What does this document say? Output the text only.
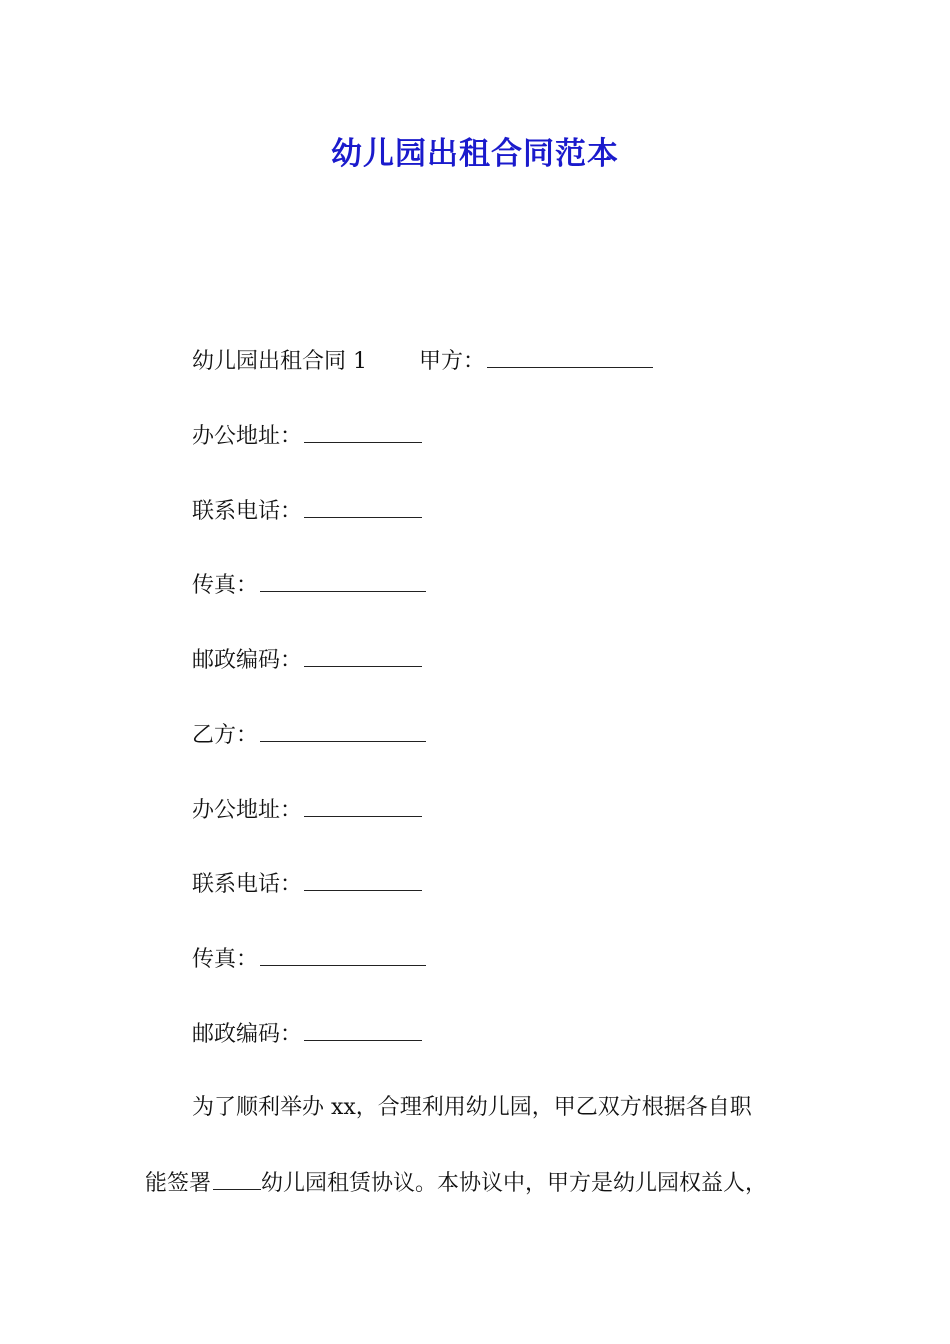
幼儿园出租合同范本
幼儿园出租合同 1 甲方：
办公地址：
联系电话：
传真：
邮政编码：
乙方：
办公地址：
联系电话：
传真：
邮政编码：
为了顺利举办 xx，合理利用幼儿园，甲乙双方根据各自职
能签署 幼儿园租赁协议。本协议中，甲方是幼儿园权益人，
